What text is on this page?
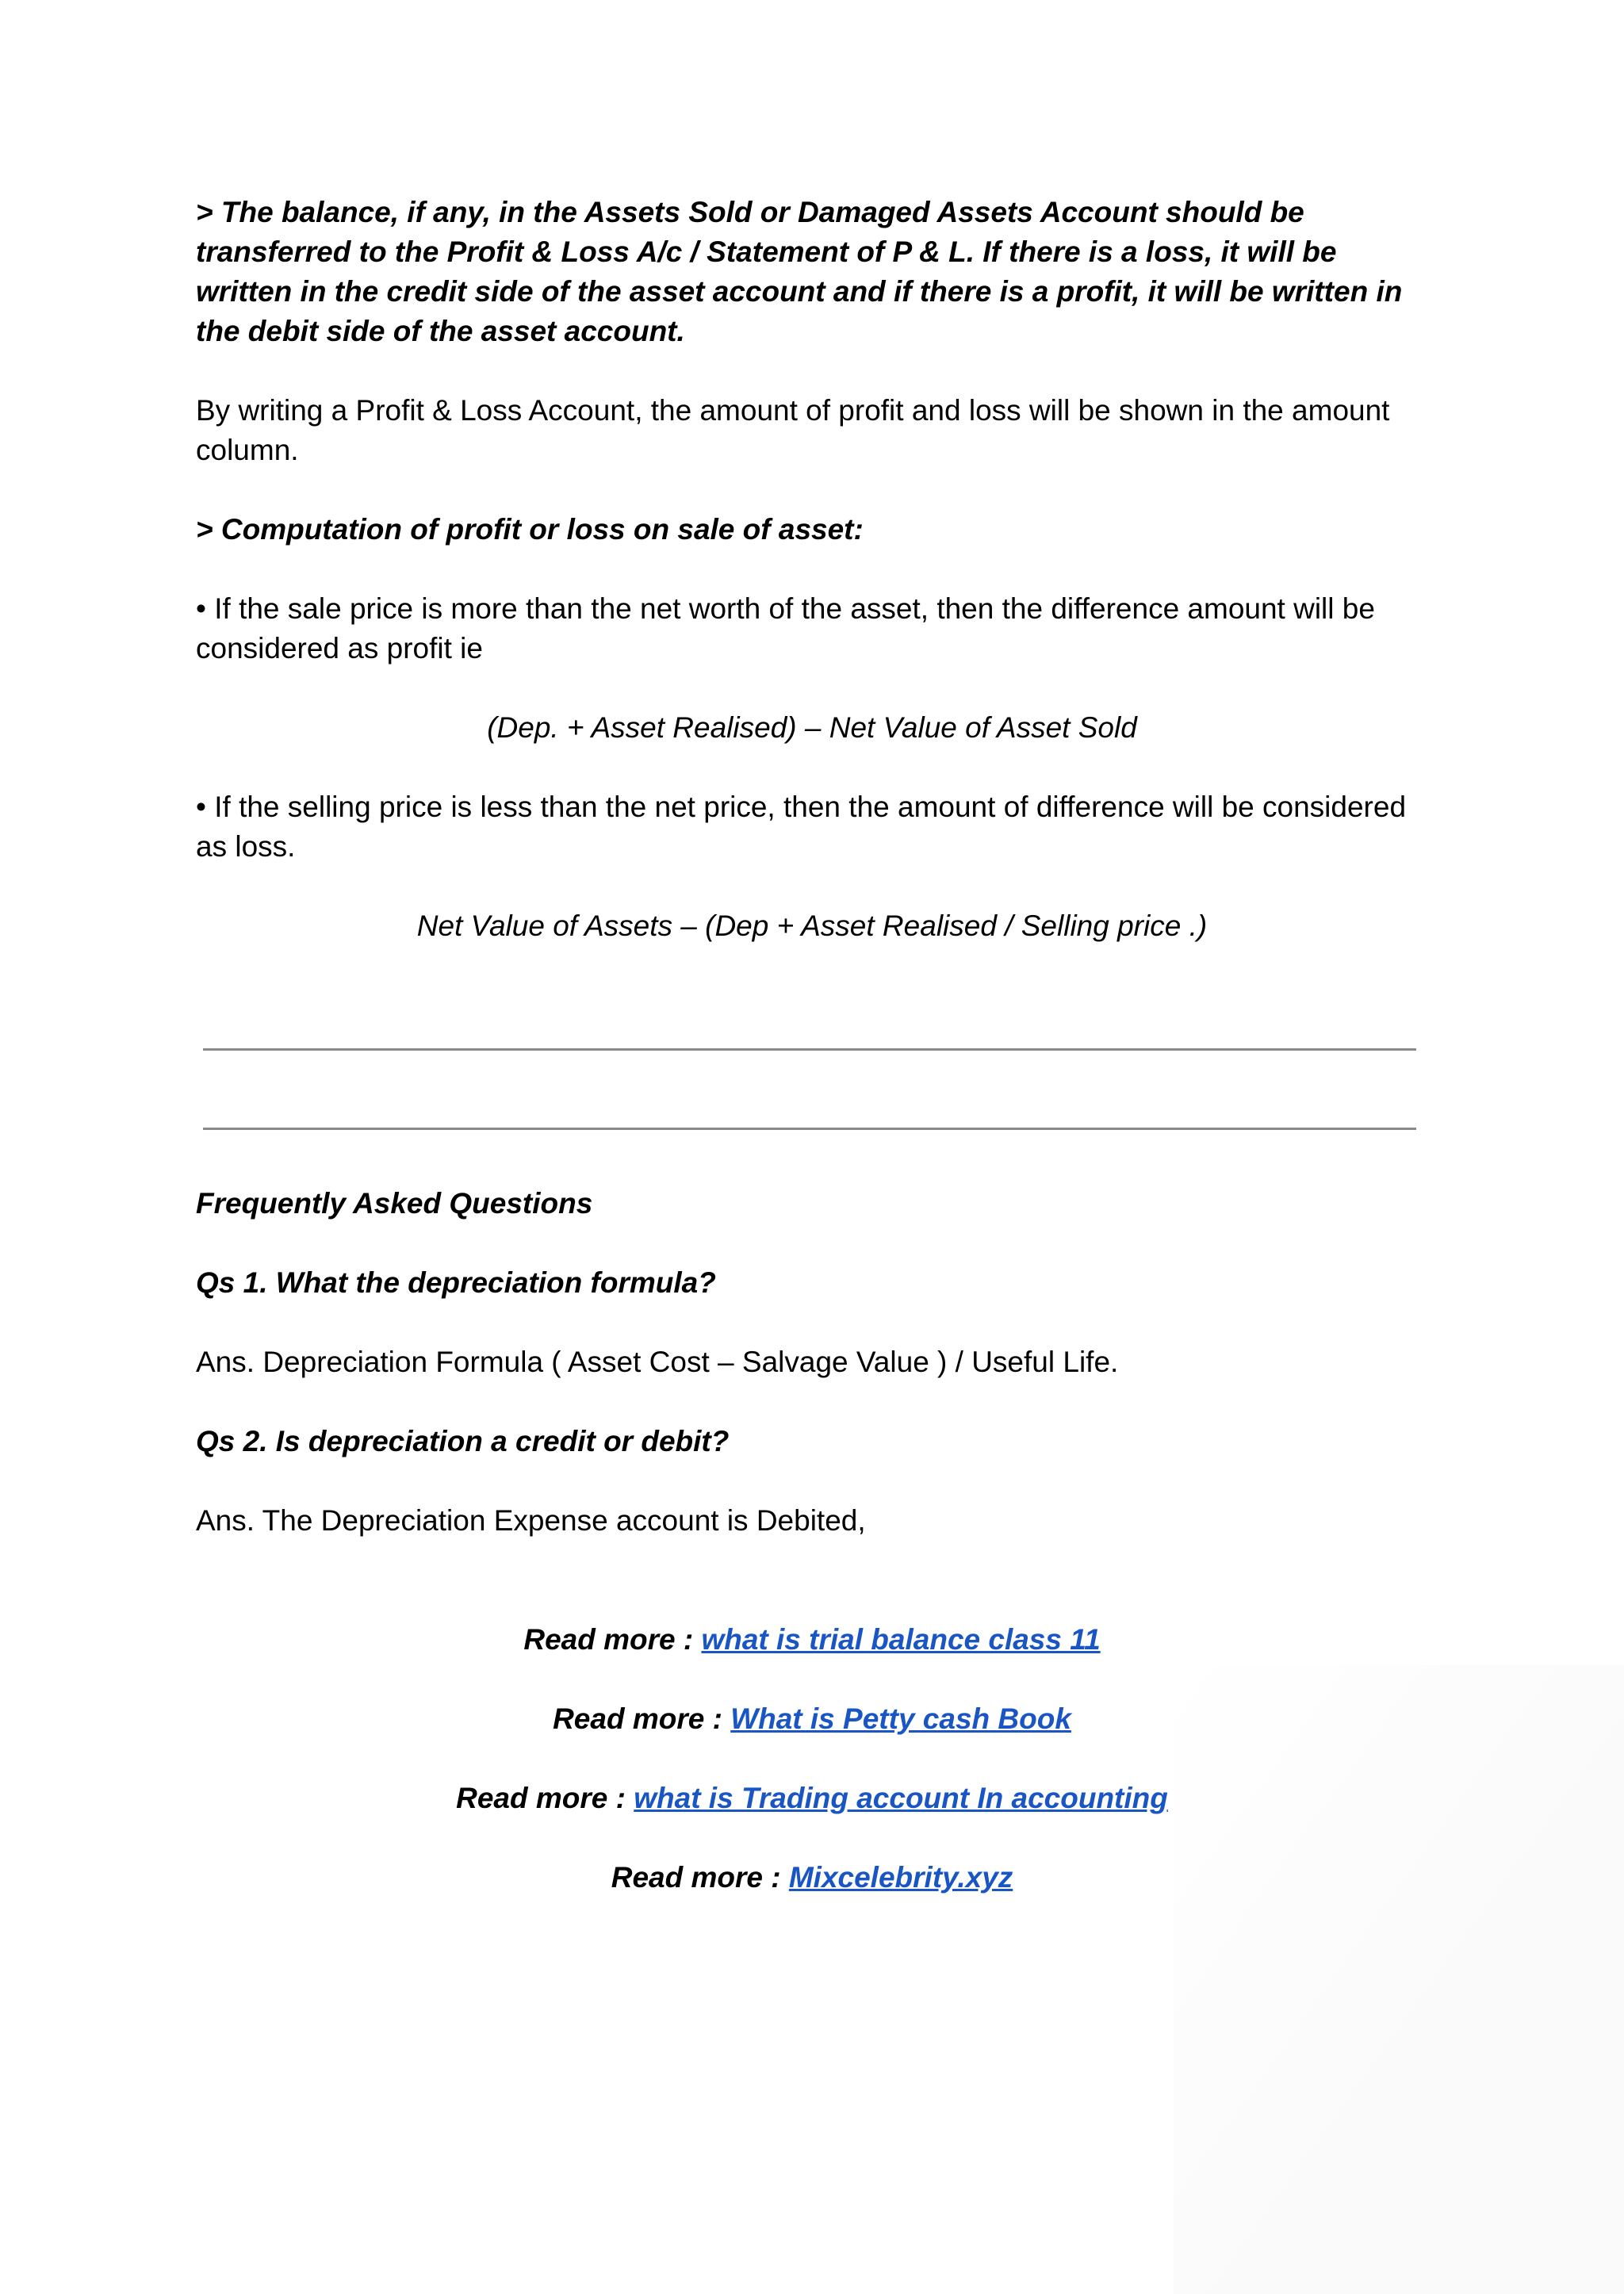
> The balance, if any, in the Assets Sold or Damaged Assets Account should be transferred to the Profit & Loss A/c / Statement of P & L. If there is a loss, it will be written in the credit side of the asset account and if there is a profit, it will be written in the debit side of the asset account.

By writing a Profit & Loss Account, the amount of profit and loss will be shown in the amount column.

> Computation of profit or loss on sale of asset:

• If the sale price is more than the net worth of the asset, then the difference amount will be considered as profit ie

(Dep. + Asset Realised) – Net Value of Asset Sold

• If the selling price is less than the net price, then the amount of difference will be considered as loss.

Net Value of Assets – (Dep + Asset Realised / Selling price .)

Frequently Asked Questions

Qs 1. What the depreciation formula?

Ans. Depreciation Formula ( Asset Cost – Salvage Value ) / Useful Life.

Qs 2. Is depreciation a credit or debit?

Ans. The Depreciation Expense account is Debited,

Read more : what is trial balance class 11

Read more : What is Petty cash Book

Read more : what is Trading account In accounting

Read more : Mixcelebrity.xyz
